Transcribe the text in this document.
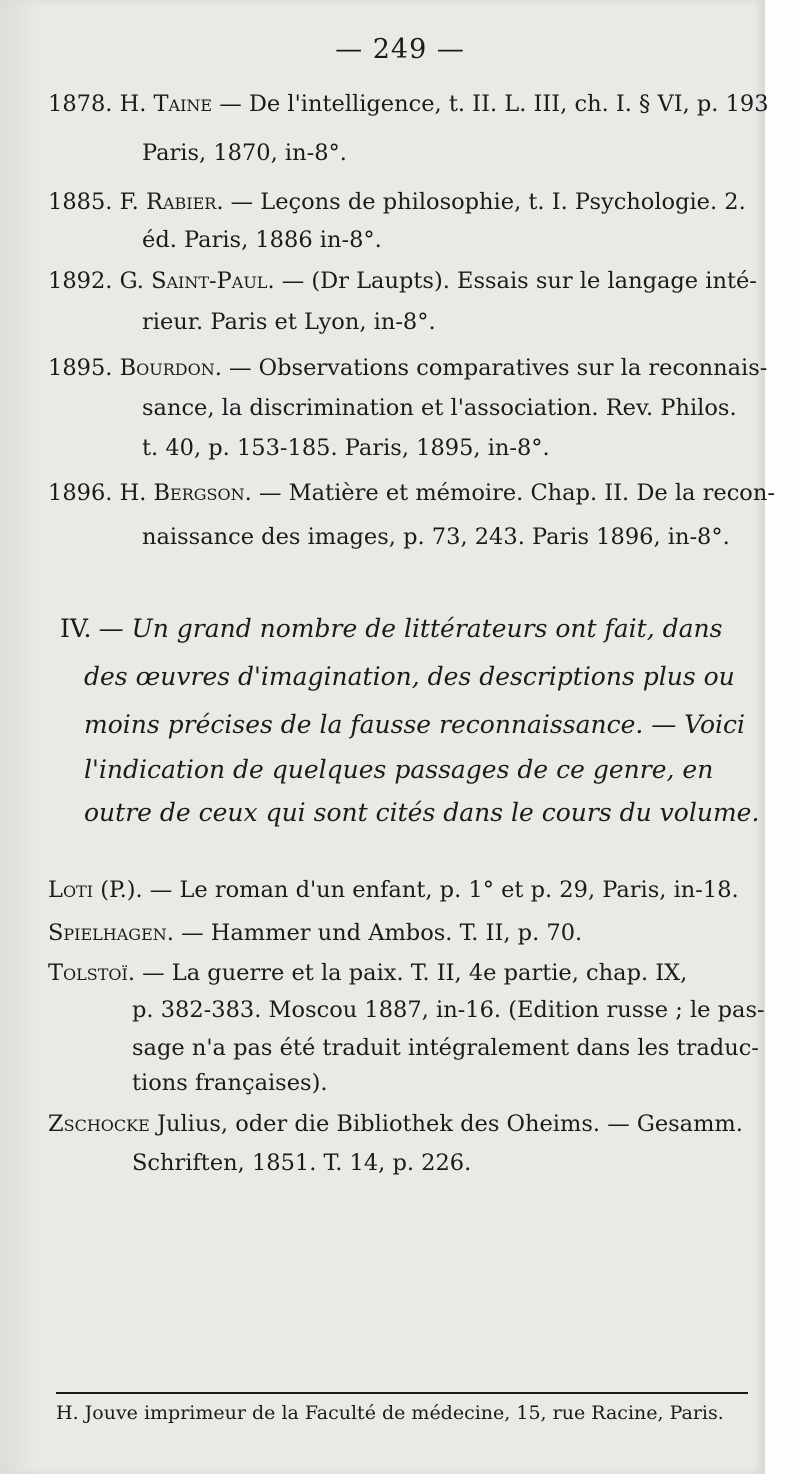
— 249 —
1878. H. Taine — De l'intelligence, t. II. L. III, ch. I. § VI, p. 193
Paris, 1870, in-8°.
1885. F. Rabier. — Leçons de philosophie, t. I. Psychologie. 2.
éd. Paris, 1886 in-8°.
1892. G. Saint-Paul. — (Dr Laupts). Essais sur le langage inté-
rieur. Paris et Lyon, in-8°.
1895. Bourdon. — Observations comparatives sur la reconnais-
sance, la discrimination et l'association. Rev. Philos.
t. 40, p. 153-185. Paris, 1895, in-8°.
1896. H. Bergson. — Matière et mémoire. Chap. II. De la recon-
naissance des images, p. 73, 243. Paris 1896, in-8°.
IV. — Un grand nombre de littérateurs ont fait, dans
des œuvres d'imagination, des descriptions plus ou
moins précises de la fausse reconnaissance. — Voici
l'indication de quelques passages de ce genre, en
outre de ceux qui sont cités dans le cours du volume.
Loti (P.). — Le roman d'un enfant, p. 1° et p. 29, Paris, in-18.
Spielhagen. — Hammer und Ambos. T. II, p. 70.
Tolstoï. — La guerre et la paix. T. II, 4e partie, chap. IX,
p. 382-383. Moscou 1887, in-16. (Edition russe ; le pas-
sage n'a pas été traduit intégralement dans les traduc-
tions françaises).
Zschocke Julius, oder die Bibliothek des Oheims. — Gesamm.
Schriften, 1851. T. 14, p. 226.
H. Jouve imprimeur de la Faculté de médecine, 15, rue Racine, Paris.
